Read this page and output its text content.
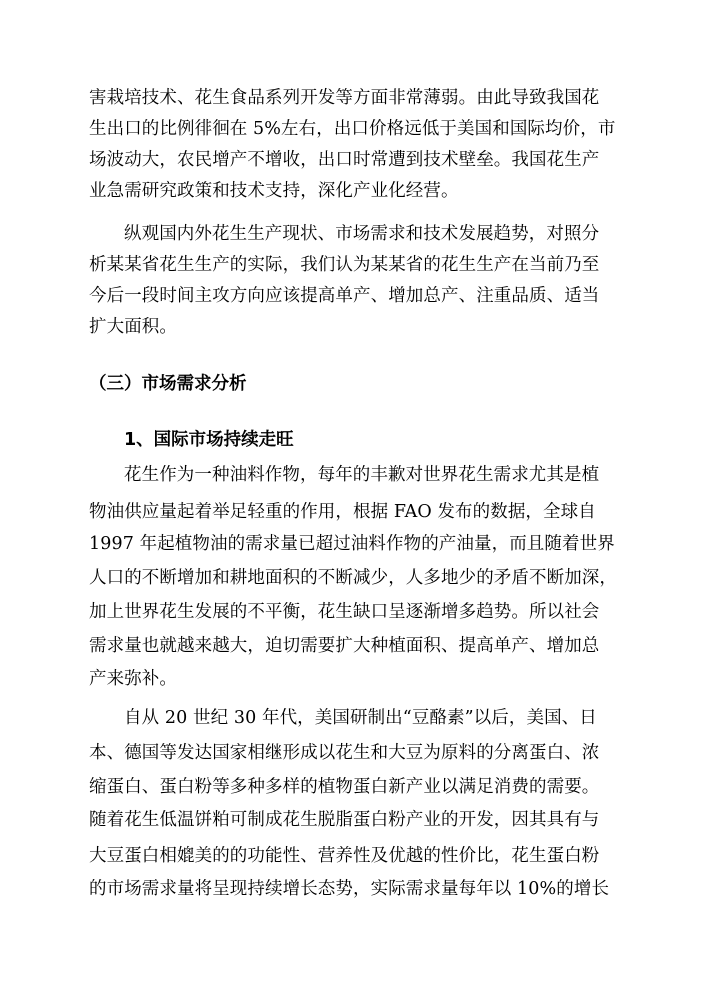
害栽培技术、花生食品系列开发等方面非常薄弱。由此导致我国花
生出口的比例徘徊在 5%左右，出口价格远低于美国和国际均价，市
场波动大，农民增产不增收，出口时常遭到技术壁垒。我国花生产
业急需研究政策和技术支持，深化产业化经营。
纵观国内外花生生产现状、市场需求和技术发展趋势，对照分
析某某省花生生产的实际，我们认为某某省的花生生产在当前乃至
今后一段时间主攻方向应该提高单产、增加总产、注重品质、适当
扩大面积。
（三）市场需求分析
1、国际市场持续走旺
花生作为一种油料作物，每年的丰歉对世界花生需求尤其是植
物油供应量起着举足轻重的作用，根据 FAO 发布的数据，全球自
1997 年起植物油的需求量已超过油料作物的产油量，而且随着世界
人口的不断增加和耕地面积的不断减少，人多地少的矛盾不断加深，
加上世界花生发展的不平衡，花生缺口呈逐渐增多趋势。所以社会
需求量也就越来越大，迫切需要扩大种植面积、提高单产、增加总
产来弥补。
自从 20 世纪 30 年代，美国研制出“豆酪素”以后，美国、日
本、德国等发达国家相继形成以花生和大豆为原料的分离蛋白、浓
缩蛋白、蛋白粉等多种多样的植物蛋白新产业以满足消费的需要。
随着花生低温饼粕可制成花生脱脂蛋白粉产业的开发，因其具有与
大豆蛋白相媲美的的功能性、营养性及优越的性价比，花生蛋白粉
的市场需求量将呈现持续增长态势，实际需求量每年以 10%的增长
